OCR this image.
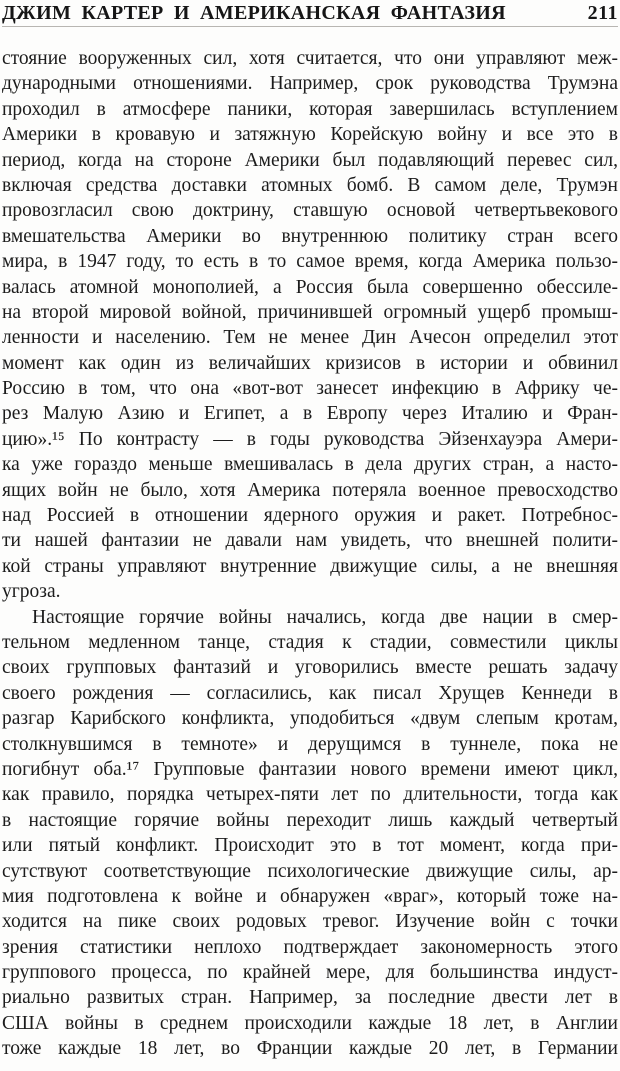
ДЖИМ КАРТЕР И АМЕРИКАНСКАЯ ФАНТАЗИЯ	211
стояние вооруженных сил, хотя считается, что они управляют меж-
дународными отношениями. Например, срок руководства Трумэна
проходил в атмосфере паники, которая завершилась вступлением
Америки в кровавую и затяжную Корейскую войну и все это в
период, когда на стороне Америки был подавляющий перевес сил,
включая средства доставки атомных бомб. В самом деле, Трумэн
провозгласил свою доктрину, ставшую основой четвертьвекового
вмешательства Америки во внутреннюю политику стран всего
мира, в 1947 году, то есть в то самое время, когда Америка пользо-
валась атомной монополией, а Россия была совершенно обессиле-
на второй мировой войной, причинившей огромный ущерб промыш-
ленности и населению. Тем не менее Дин Ачесон определил этот
момент как один из величайших кризисов в истории и обвинил
Россию в том, что она «вот-вот занесет инфекцию в Африку че-
рез Малую Азию и Египет, а в Европу через Италию и Фран-
цию».¹⁵ По контрасту — в годы руководства Эйзенхауэра Амери-
ка уже гораздо меньше вмешивалась в дела других стран, а насто-
ящих войн не было, хотя Америка потеряла военное превосходство
над Россией в отношении ядерного оружия и ракет. Потребнос-
ти нашей фантазии не давали нам увидеть, что внешней полити-
кой страны управляют внутренние движущие силы, а не внешняя
угроза.
Настоящие горячие войны начались, когда две нации в смер-
тельном медленном танце, стадия к стадии, совместили циклы
своих групповых фантазий и уговорились вместе решать задачу
своего рождения — согласились, как писал Хрущев Кеннеди в
разгар Карибского конфликта, уподобиться «двум слепым кротам,
столкнувшимся в темноте» и дерущимся в туннеле, пока не
погибнут оба.¹⁷ Групповые фантазии нового времени имеют цикл,
как правило, порядка четырех-пяти лет по длительности, тогда как
в настоящие горячие войны переходит лишь каждый четвертый
или пятый конфликт. Происходит это в тот момент, когда при-
сутствуют соответствующие психологические движущие силы, ар-
мия подготовлена к войне и обнаружен «враг», который тоже на-
ходится на пике своих родовых тревог. Изучение войн с точки
зрения статистики неплохо подтверждает закономерность этого
группового процесса, по крайней мере, для большинства индуст-
риально развитых стран. Например, за последние двести лет в
США войны в среднем происходили каждые 18 лет, в Англии
тоже каждые 18 лет, во Франции каждые 20 лет, в Германии
